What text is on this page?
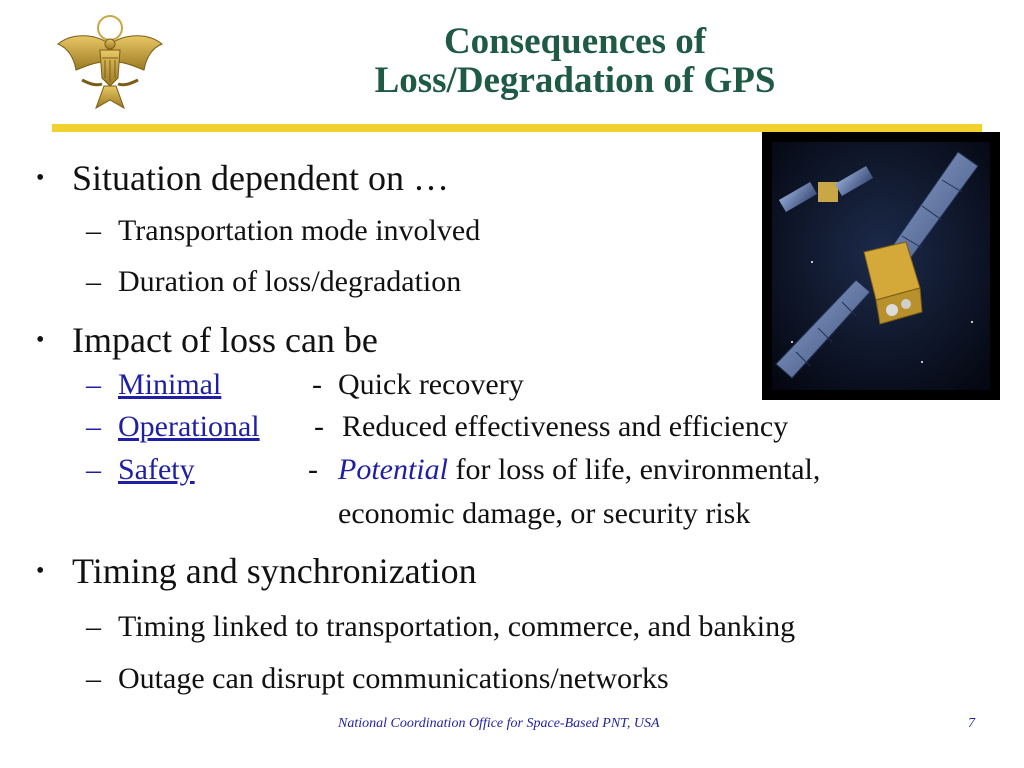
Consequences of
Loss/Degradation of GPS
• Situation dependent on …
– Transportation mode involved
– Duration of loss/degradation
• Impact of loss can be
– Minimal	- Quick recovery
– Operational - Reduced effectiveness and efficiency
– Safety	- Potential for loss of life, environmental,
economic damage, or security risk
• Timing and synchronization
– Timing linked to transportation, commerce, and banking
– Outage can disrupt communications/networks
National Coordination Office for Space-Based PNT, USA	7
